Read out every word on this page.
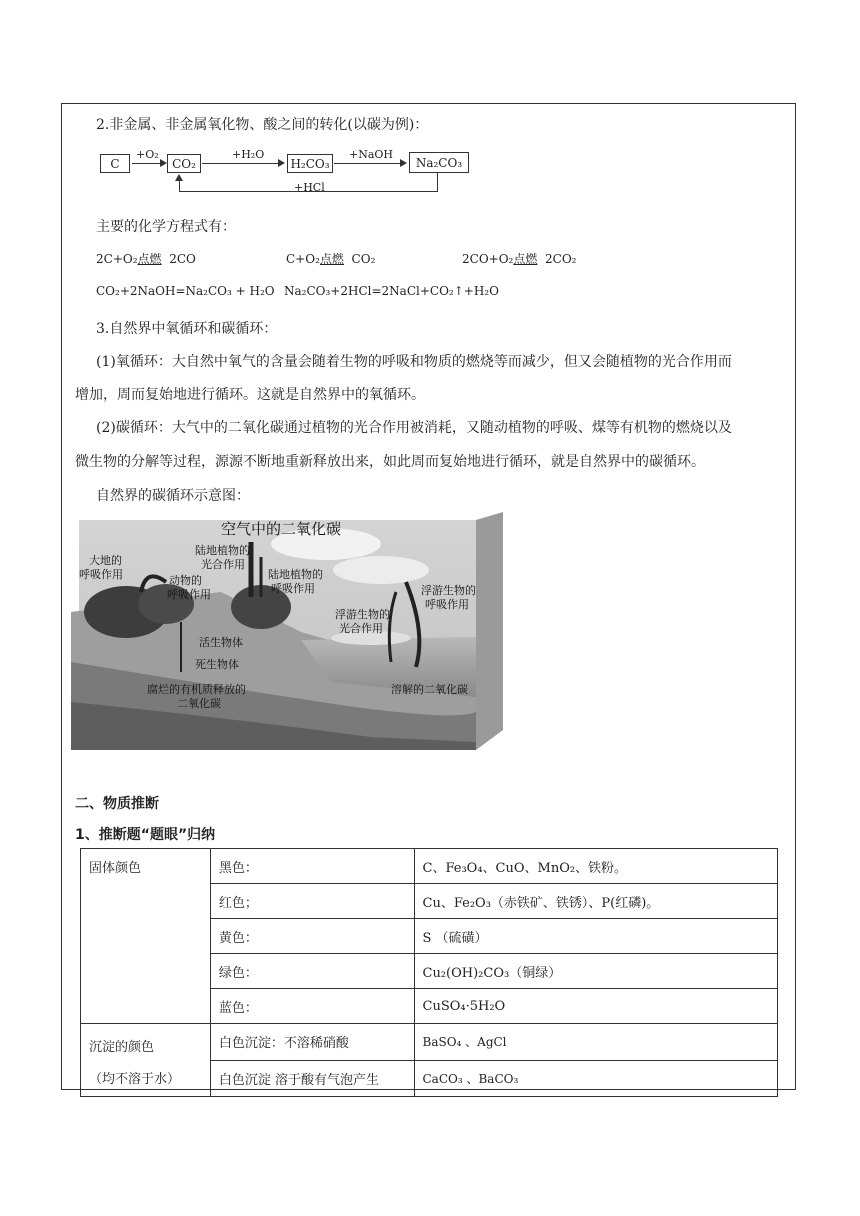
2.非金属、非金属氧化物、酸之间的转化(以碳为例)：
C
+O₂
CO₂
+H₂O
H₂CO₃
+NaOH
Na₂CO₃
+HCl
主要的化学方程式有：
2C+O₂点燃 2CO	C+O₂点燃 CO₂	2CO+O₂点燃 2CO₂
CO₂+2NaOH=Na₂CO₃ + H₂O Na₂CO₃+2HCl=2NaCl+CO₂↑+H₂O
3.自然界中氧循环和碳循环：
(1)氧循环：大自然中氧气的含量会随着生物的呼吸和物质的燃烧等而减少，但又会随植物的光合作用而
增加，周而复始地进行循环。这就是自然界中的氧循环。
(2)碳循环：大气中的二氧化碳通过植物的光合作用被消耗，又随动植物的呼吸、煤等有机物的燃烧以及
微生物的分解等过程，源源不断地重新释放出来，如此周而复始地进行循环，就是自然界中的碳循环。
自然界的碳循环示意图：
空气中的二氧化碳
陆地植物的
光合作用
大地的
呼吸作用	动物的
呼吸作用
陆地植物的
呼吸作用	浮游生物的
呼吸作用
浮游生物的
光合作用
活生物体
死生物体
腐烂的有机质释放的
二氧化碳
溶解的二氧化碳
二、物质推断
1、推断题“题眼”归纳
固体颜色	黑色：	C、Fe₃O₄、CuO、MnO₂、铁粉。
	红色；	Cu、Fe₂O₃（赤铁矿、铁锈）、P(红磷)。
	黄色：	S （硫磺）
	绿色：	Cu₂(OH)₂CO₃（铜绿）
	蓝色：	CuSO₄·5H₂O

沉淀的颜色
（均不溶于水）	白色沉淀：不溶稀硝酸	BaSO₄ 、AgCl
	白色沉淀 溶于酸有气泡产生	CaCO₃ 、BaCO₃
